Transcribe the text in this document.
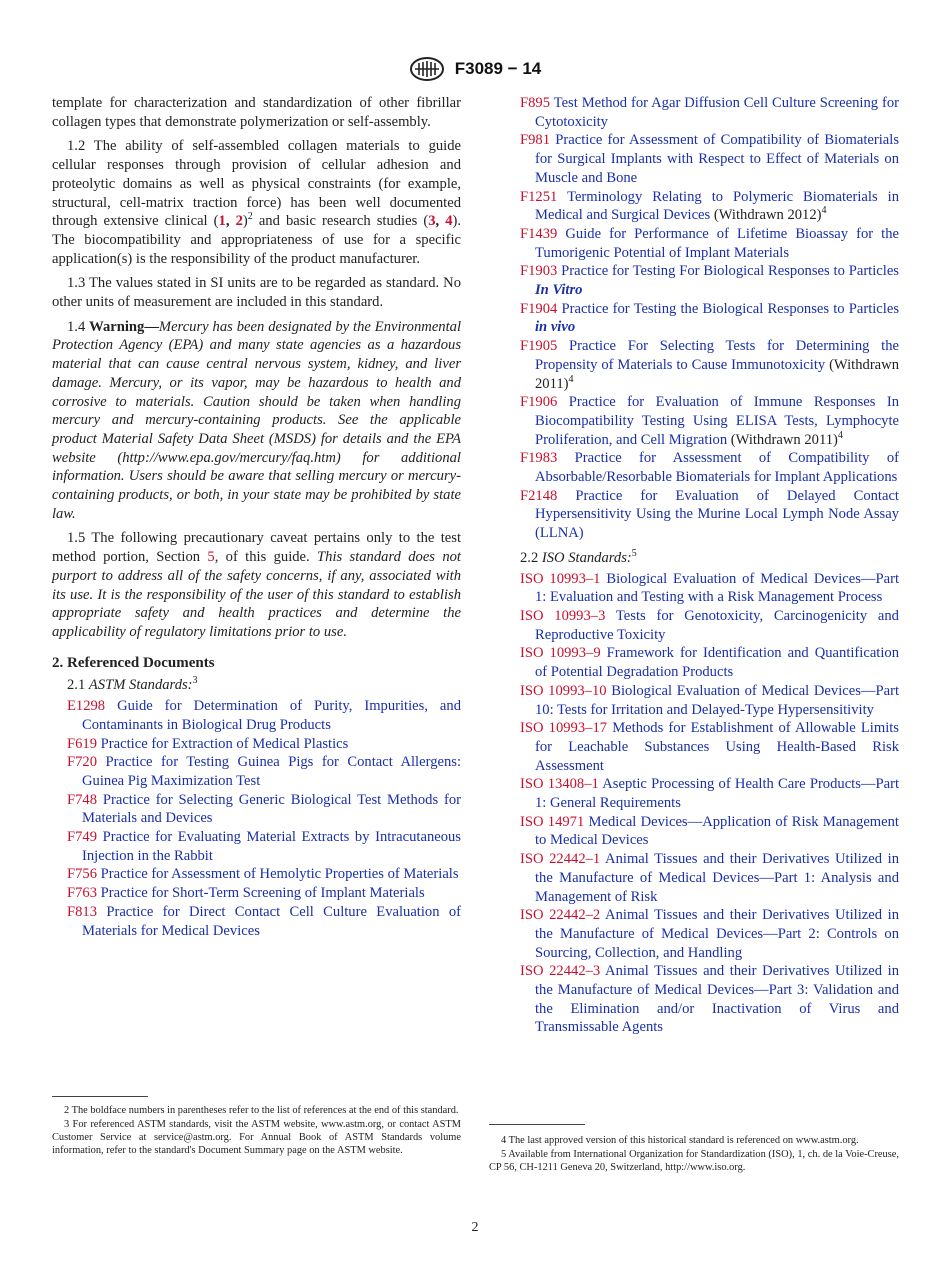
F3089 − 14

template for characterization and standardization of other fibrillar collagen types that demonstrate polymerization or self-assembly.

1.2 The ability of self-assembled collagen materials to guide cellular responses through provision of cellular adhesion and proteolytic domains as well as physical constraints (for example, structural, cell-matrix traction force) has been well documented through extensive clinical (1, 2)$^2$ and basic research studies (3, 4). The biocompatibility and appropriateness of use for a specific application(s) is the responsibility of the product manufacturer.

1.3 The values stated in SI units are to be regarded as standard. No other units of measurement are included in this standard.

1.4 Warning—Mercury has been designated by the Environmental Protection Agency (EPA) and many state agencies as a hazardous material that can cause central nervous system, kidney, and liver damage. Mercury, or its vapor, may be hazardous to health and corrosive to materials. Caution should be taken when handling mercury and mercury-containing products. See the applicable product Material Safety Data Sheet (MSDS) for details and the EPA website (http://www.epa.gov/mercury/faq.htm) for additional information. Users should be aware that selling mercury or mercury-containing products, or both, in your state may be prohibited by state law.

1.5 The following precautionary caveat pertains only to the test method portion, Section 5, of this guide. This standard does not purport to address all of the safety concerns, if any, associated with its use. It is the responsibility of the user of this standard to establish appropriate safety and health practices and determine the applicability of regulatory limitations prior to use.

2. Referenced Documents
2.1 ASTM Standards:$^3$
E1298 Guide for Determination of Purity, Impurities, and Contaminants in Biological Drug Products
F619 Practice for Extraction of Medical Plastics
F720 Practice for Testing Guinea Pigs for Contact Allergens: Guinea Pig Maximization Test
F748 Practice for Selecting Generic Biological Test Methods for Materials and Devices
F749 Practice for Evaluating Material Extracts by Intracutaneous Injection in the Rabbit
F756 Practice for Assessment of Hemolytic Properties of Materials
F763 Practice for Short-Term Screening of Implant Materials
F813 Practice for Direct Contact Cell Culture Evaluation of Materials for Medical Devices

2 The boldface numbers in parentheses refer to the list of references at the end of this standard.

3 For referenced ASTM standards, visit the ASTM website, www.astm.org, or contact ASTM Customer Service at service@astm.org. For Annual Book of ASTM Standards volume information, refer to the standard's Document Summary page on the ASTM website.

F895 Test Method for Agar Diffusion Cell Culture Screening for Cytotoxicity
F981 Practice for Assessment of Compatibility of Biomaterials for Surgical Implants with Respect to Effect of Materials on Muscle and Bone
F1251 Terminology Relating to Polymeric Biomaterials in Medical and Surgical Devices (Withdrawn 2012)$^4$
F1439 Guide for Performance of Lifetime Bioassay for the Tumorigenic Potential of Implant Materials
F1903 Practice for Testing For Biological Responses to Particles In Vitro
F1904 Practice for Testing the Biological Responses to Particles in vivo
F1905 Practice For Selecting Tests for Determining the Propensity of Materials to Cause Immunotoxicity (Withdrawn 2011)$^4$
F1906 Practice for Evaluation of Immune Responses In Biocompatibility Testing Using ELISA Tests, Lymphocyte Proliferation, and Cell Migration (Withdrawn 2011)$^4$
F1983 Practice for Assessment of Compatibility of Absorbable/Resorbable Biomaterials for Implant Applications
F2148 Practice for Evaluation of Delayed Contact Hypersensitivity Using the Murine Local Lymph Node Assay (LLNA)
2.2 ISO Standards:$^5$
ISO 10993–1 Biological Evaluation of Medical Devices—Part 1: Evaluation and Testing with a Risk Management Process
ISO 10993–3 Tests for Genotoxicity, Carcinogenicity and Reproductive Toxicity
ISO 10993–9 Framework for Identification and Quantification of Potential Degradation Products
ISO 10993–10 Biological Evaluation of Medical Devices—Part 10: Tests for Irritation and Delayed-Type Hypersensitivity
ISO 10993–17 Methods for Establishment of Allowable Limits for Leachable Substances Using Health-Based Risk Assessment
ISO 13408–1 Aseptic Processing of Health Care Products—Part 1: General Requirements
ISO 14971 Medical Devices—Application of Risk Management to Medical Devices
ISO 22442–1 Animal Tissues and their Derivatives Utilized in the Manufacture of Medical Devices—Part 1: Analysis and Management of Risk
ISO 22442–2 Animal Tissues and their Derivatives Utilized in the Manufacture of Medical Devices—Part 2: Controls on Sourcing, Collection, and Handling
ISO 22442–3 Animal Tissues and their Derivatives Utilized in the Manufacture of Medical Devices—Part 3: Validation and the Elimination and/or Inactivation of Virus and Transmissable Agents

4 The last approved version of this historical standard is referenced on www.astm.org.

5 Available from International Organization for Standardization (ISO), 1, ch. de la Voie-Creuse, CP 56, CH-1211 Geneva 20, Switzerland, http://www.iso.org.

2
